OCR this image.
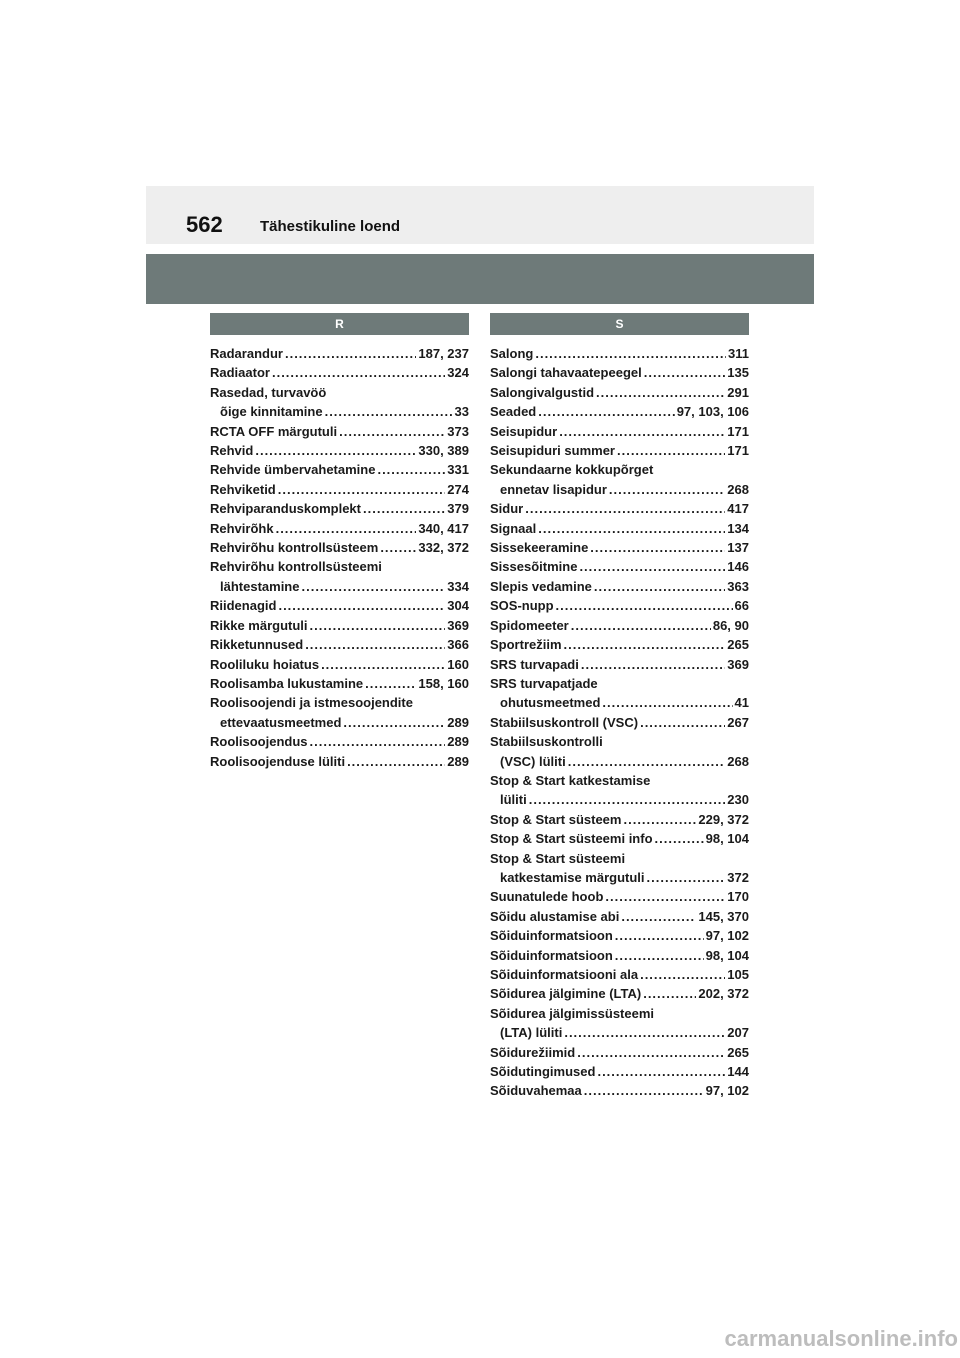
562 Tähestikuline loend
R
Radarandur .....	187, 237
Radiaator .....	324
Rasedad, turvavöö
õige kinnitamine .....	33
RCTA OFF märgutuli .....	373
Rehvid .....	330, 389
Rehvide ümbervahetamine .....	331
Rehviketid .....	274
Rehviparanduskomplekt .....	379
Rehvirõhk .....	340, 417
Rehvirõhu kontrollsüsteem .....	332, 372
Rehvirõhu kontrollsüsteemi
lähtestamine .....	334
Riidenagid .....	304
Rikke märgutuli .....	369
Rikketunnused .....	366
Rooliluku hoiatus .....	160
Roolisamba lukustamine .....	158, 160
Roolisoojendi ja istmesoojendite
ettevaatusmeetmed .....	289
Roolisoojendus .....	289
Roolisoojenduse lüliti .....	289
S
Salong .....	311
Salongi tahavaatepeegel .....	135
Salongivalgustid .....	291
Seaded .....	97, 103, 106
Seisupidur .....	171
Seisupiduri summer .....	171
Sekundaarne kokkupõrget
ennetav lisapidur .....	268
Sidur .....	417
Signaal .....	134
Sissekeeramine .....	137
Sissesõitmine .....	146
Slepis vedamine .....	363
SOS-nupp .....	66
Spidomeeter .....	86, 90
Sportrežiim .....	265
SRS turvapadi .....	369
SRS turvapatjade
ohutusmeetmed .....	41
Stabiilsuskontroll (VSC) .....	267
Stabiilsuskontrolli
(VSC) lüliti .....	268
Stop & Start katkestamise
lüliti .....	230
Stop & Start süsteem .....	229, 372
Stop & Start süsteemi info .....	98, 104
Stop & Start süsteemi
katkestamise märgutuli .....	372
Suunatulede hoob .....	170
Sõidu alustamise abi .....	145, 370
Sõiduinformatsioon .....	97, 102
Sõiduinformatsioon .....	98, 104
Sõiduinformatsiooni ala .....	105
Sõidurea jälgimine (LTA) .....	202, 372
Sõidurea jälgimissüsteemi
(LTA) lüliti .....	207
Sõidurežiimid .....	265
Sõidutingimused .....	144
Sõiduvahemaa .....	97, 102
carmanualsonline.info
